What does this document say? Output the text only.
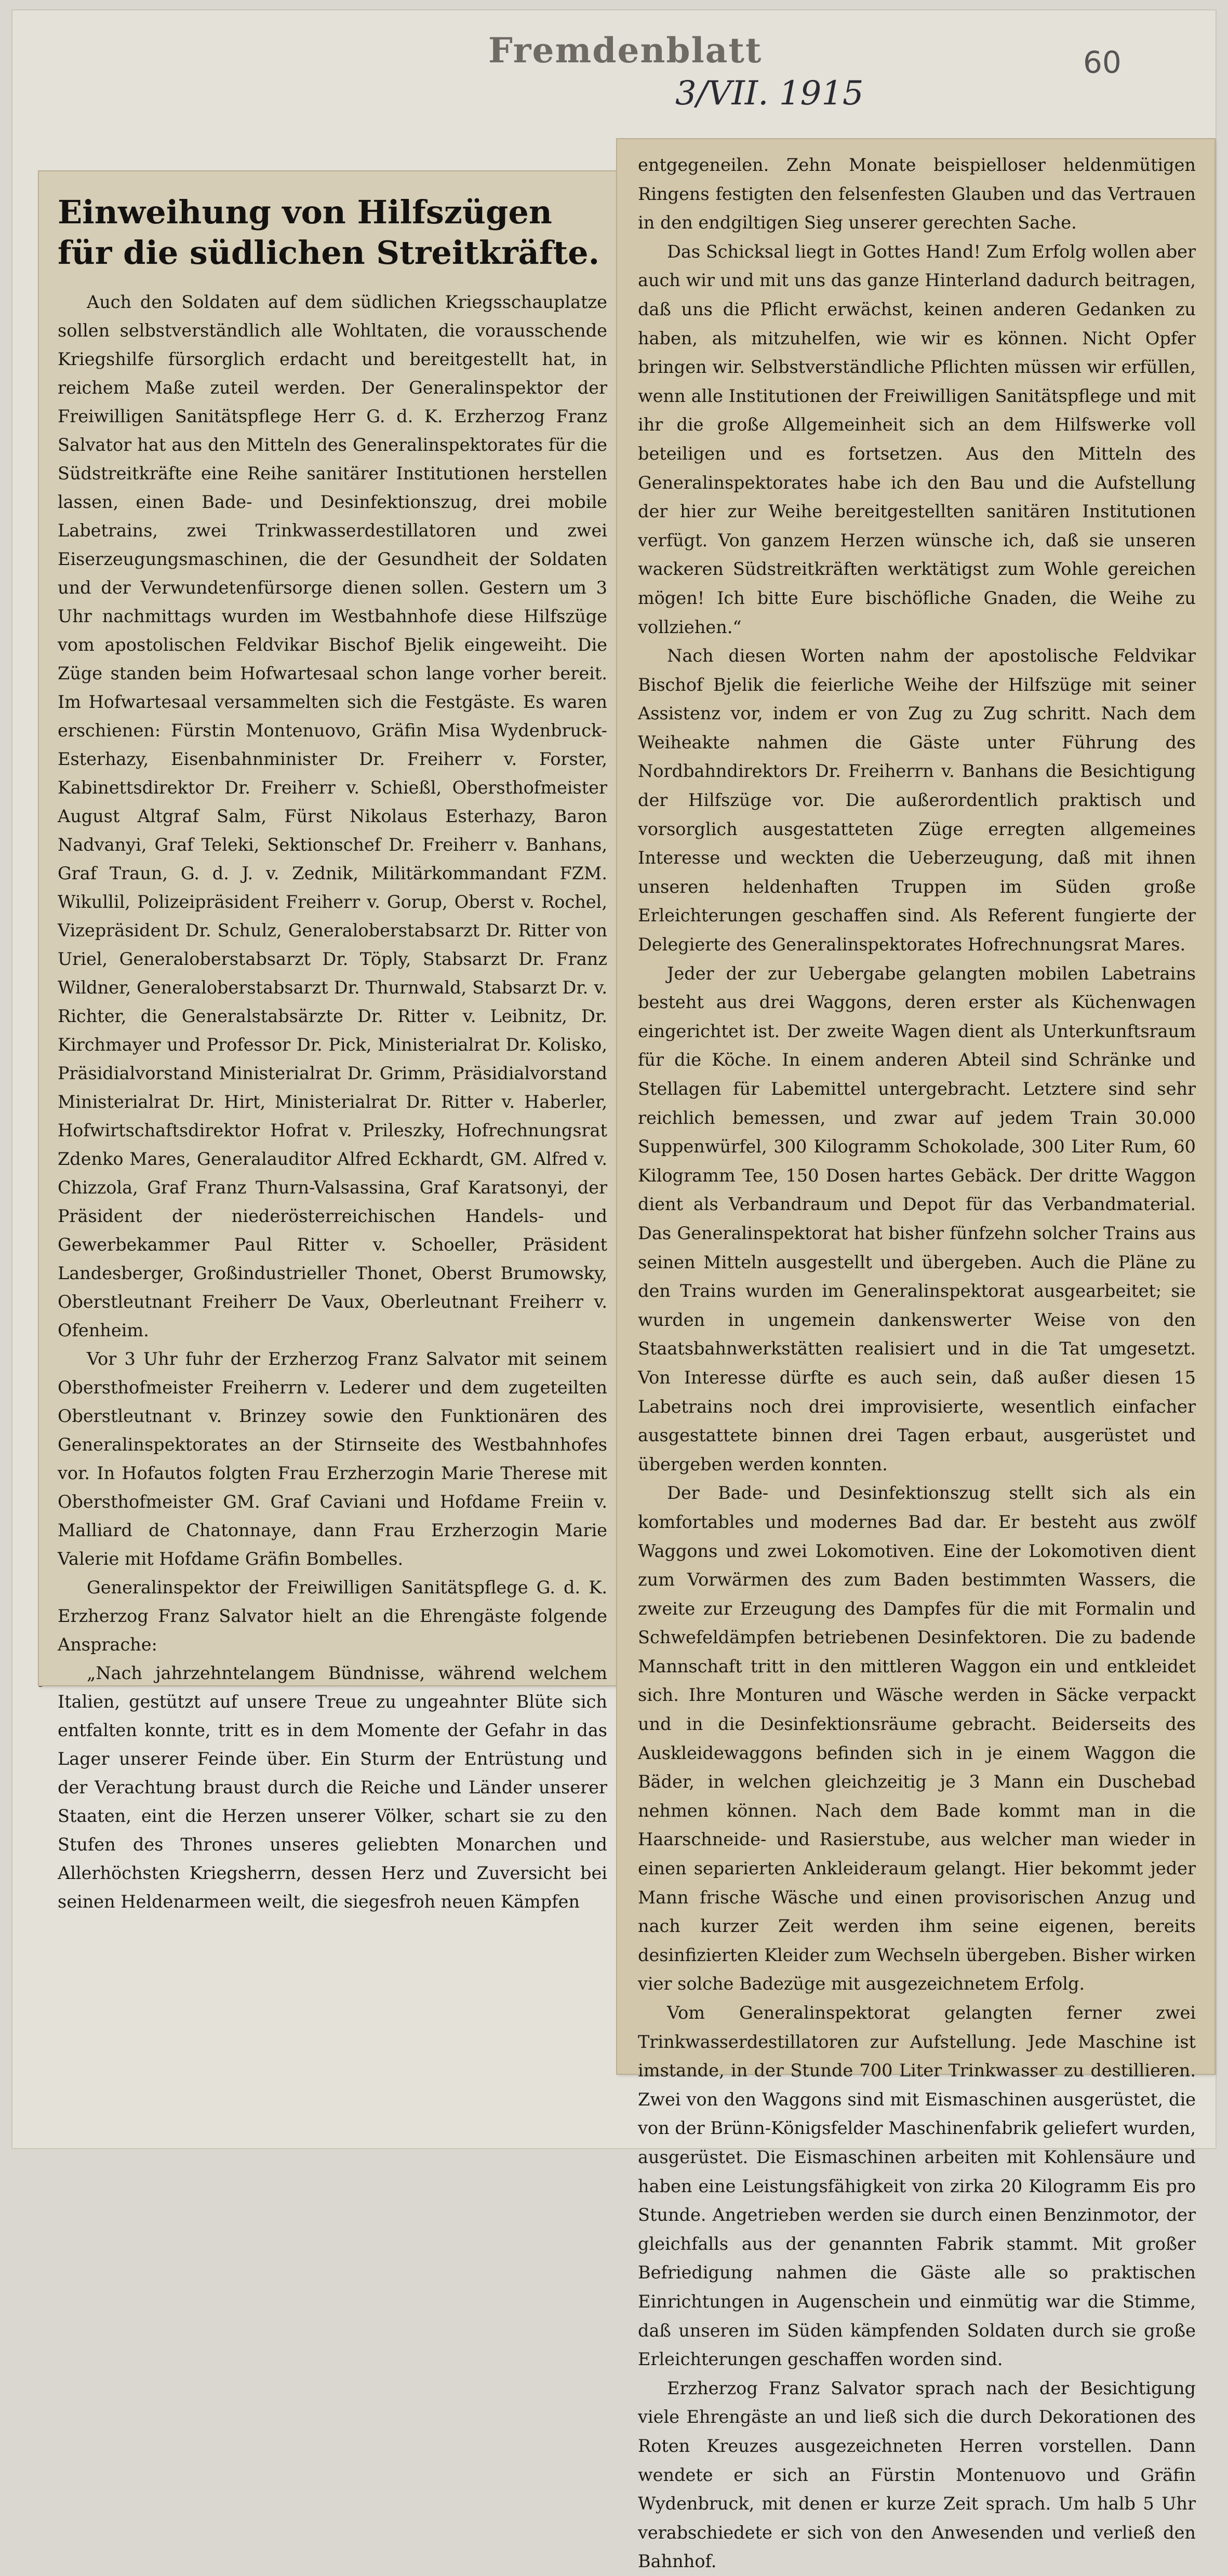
Fremdenblatt
3/VII. 1915
60
Einweihung von Hilfszügen für die südlichen Streitkräfte.

Auch den Soldaten auf dem südlichen Kriegsschauplatze sollen selbstverständlich alle Wohltaten, die vorausschende Kriegshilfe fürsorglich erdacht und bereitgestellt hat, in reichem Maße zuteil werden. Der Generalinspektor der Freiwilligen Sanitätspflege Herr G. d. K. Erzherzog Franz Salvator hat aus den Mitteln des Generalinspektorates für die Südstreitkräfte eine Reihe sanitärer Institutionen herstellen lassen, einen Bade- und Desinfektionszug, drei mobile Labetrains, zwei Trinkwasserdestillatoren und zwei Eiserzeugungsmaschinen, die der Gesundheit der Soldaten und der Verwundetenfürsorge dienen sollen. Gestern um 3 Uhr nachmittags wurden im Westbahnhofe diese Hilfszüge vom apostolischen Feldvikar Bischof Bjelik eingeweiht. Die Züge standen beim Hofwartesaal schon lange vorher bereit. Im Hofwartesaal versammelten sich die Festgäste. Es waren erschienen: Fürstin Montenuovo, Gräfin Misa Wydenbruck-Esterhazy, Eisenbahnminister Dr. Freiherr v. Forster, Kabinettsdirektor Dr. Freiherr v. Schießl, Obersthofmeister August Altgraf Salm, Fürst Nikolaus Esterhazy, Baron Nadvanyi, Graf Teleki, Sektionschef Dr. Freiherr v. Banhans, Graf Traun, G. d. J. v. Zednik, Militärkommandant FZM. Wikullil, Polizeipräsident Freiherr v. Gorup, Oberst v. Rochel, Vizepräsident Dr. Schulz, Generaloberstabsarzt Dr. Ritter von Uriel, Generaloberstabsarzt Dr. Töply, Stabsarzt Dr. Franz Wildner, Generaloberstabsarzt Dr. Thurnwald, Stabsarzt Dr. v. Richter, die Generalstabsärzte Dr. Ritter v. Leibnitz, Dr. Kirchmayer und Professor Dr. Pick, Ministerialrat Dr. Kolisko, Präsidialvorstand Ministerialrat Dr. Grimm, Präsidialvorstand Ministerialrat Dr. Hirt, Ministerialrat Dr. Ritter v. Haberler, Hofwirtschaftsdirektor Hofrat v. Prileszky, Hofrechnungsrat Zdenko Mares, Generalauditor Alfred Eckhardt, GM. Alfred v. Chizzola, Graf Franz Thurn-Valsassina, Graf Karatsonyi, der Präsident der niederösterreichischen Handels- und Gewerbekammer Paul Ritter v. Schoeller, Präsident Landesberger, Großindustrieller Thonet, Oberst Brumowsky, Oberstleutnant Freiherr De Vaux, Oberleutnant Freiherr v. Ofenheim.

Vor 3 Uhr fuhr der Erzherzog Franz Salvator mit seinem Obersthofmeister Freiherrn v. Lederer und dem zugeteilten Oberstleutnant v. Brinzey sowie den Funktionären des Generalinspektorates an der Stirnseite des Westbahnhofes vor. In Hofautos folgten Frau Erzherzogin Marie Therese mit Obersthofmeister GM. Graf Caviani und Hofdame Freiin v. Malliard de Chatonnaye, dann Frau Erzherzogin Marie Valerie mit Hofdame Gräfin Bombelles.

Generalinspektor der Freiwilligen Sanitätspflege G. d. K. Erzherzog Franz Salvator hielt an die Ehrengäste folgende Ansprache:

„Nach jahrzehntelangem Bündnisse, während welchem Italien, gestützt auf unsere Treue zu ungeahnter Blüte sich entfalten konnte, tritt es in dem Momente der Gefahr in das Lager unserer Feinde über. Ein Sturm der Entrüstung und der Verachtung braust durch die Reiche und Länder unserer Staaten, eint die Herzen unserer Völker, schart sie zu den Stufen des Thrones unseres geliebten Monarchen und Allerhöchsten Kriegsherrn, dessen Herz und Zuversicht bei seinen Heldenarmeen weilt, die siegesfroh neuen Kämpfen

entgegeneilen. Zehn Monate beispielloser heldenmütigen Ringens festigten den felsenfesten Glauben und das Vertrauen in den endgiltigen Sieg unserer gerechten Sache.

Das Schicksal liegt in Gottes Hand! Zum Erfolg wollen aber auch wir und mit uns das ganze Hinterland dadurch beitragen, daß uns die Pflicht erwächst, keinen anderen Gedanken zu haben, als mitzuhelfen, wie wir es können. Nicht Opfer bringen wir. Selbstverständliche Pflichten müssen wir erfüllen, wenn alle Institutionen der Freiwilligen Sanitätspflege und mit ihr die große Allgemeinheit sich an dem Hilfswerke voll beteiligen und es fortsetzen. Aus den Mitteln des Generalinspektorates habe ich den Bau und die Aufstellung der hier zur Weihe bereitgestellten sanitären Institutionen verfügt. Von ganzem Herzen wünsche ich, daß sie unseren wackeren Südstreitkräften werktätigst zum Wohle gereichen mögen! Ich bitte Eure bischöfliche Gnaden, die Weihe zu vollziehen.“

Nach diesen Worten nahm der apostolische Feldvikar Bischof Bjelik die feierliche Weihe der Hilfszüge mit seiner Assistenz vor, indem er von Zug zu Zug schritt. Nach dem Weiheakte nahmen die Gäste unter Führung des Nordbahndirektors Dr. Freiherrn v. Banhans die Besichtigung der Hilfszüge vor. Die außerordentlich praktisch und vorsorglich ausgestatteten Züge erregten allgemeines Interesse und weckten die Ueberzeugung, daß mit ihnen unseren heldenhaften Truppen im Süden große Erleichterungen geschaffen sind. Als Referent fungierte der Delegierte des Generalinspektorates Hofrechnungsrat Mares.

Jeder der zur Uebergabe gelangten mobilen Labetrains besteht aus drei Waggons, deren erster als Küchenwagen eingerichtet ist. Der zweite Wagen dient als Unterkunftsraum für die Köche. In einem anderen Abteil sind Schränke und Stellagen für Labemittel untergebracht. Letztere sind sehr reichlich bemessen, und zwar auf jedem Train 30.000 Suppenwürfel, 300 Kilogramm Schokolade, 300 Liter Rum, 60 Kilogramm Tee, 150 Dosen hartes Gebäck. Der dritte Waggon dient als Verbandraum und Depot für das Verbandmaterial. Das Generalinspektorat hat bisher fünfzehn solcher Trains aus seinen Mitteln ausgestellt und übergeben. Auch die Pläne zu den Trains wurden im Generalinspektorat ausgearbeitet; sie wurden in ungemein dankenswerter Weise von den Staatsbahnwerkstätten realisiert und in die Tat umgesetzt. Von Interesse dürfte es auch sein, daß außer diesen 15 Labetrains noch drei improvisierte, wesentlich einfacher ausgestattete binnen drei Tagen erbaut, ausgerüstet und übergeben werden konnten.

Der Bade- und Desinfektionszug stellt sich als ein komfortables und modernes Bad dar. Er besteht aus zwölf Waggons und zwei Lokomotiven. Eine der Lokomotiven dient zum Vorwärmen des zum Baden bestimmten Wassers, die zweite zur Erzeugung des Dampfes für die mit Formalin und Schwefeldämpfen betriebenen Desinfektoren. Die zu badende Mannschaft tritt in den mittleren Waggon ein und entkleidet sich. Ihre Monturen und Wäsche werden in Säcke verpackt und in die Desinfektionsräume gebracht. Beiderseits des Auskleidewaggons befinden sich in je einem Waggon die Bäder, in welchen gleichzeitig je 3 Mann ein Duschebad nehmen können. Nach dem Bade kommt man in die Haarschneide- und Rasierstube, aus welcher man wieder in einen separierten Ankleideraum gelangt. Hier bekommt jeder Mann frische Wäsche und einen provisorischen Anzug und nach kurzer Zeit werden ihm seine eigenen, bereits desinfizierten Kleider zum Wechseln übergeben. Bisher wirken vier solche Badezüge mit ausgezeichnetem Erfolg.

Vom Generalinspektorat gelangten ferner zwei Trinkwasserdestillatoren zur Aufstellung. Jede Maschine ist imstande, in der Stunde 700 Liter Trinkwasser zu destillieren. Zwei von den Waggons sind mit Eismaschinen ausgerüstet, die von der Brünn-Königsfelder Maschinenfabrik geliefert wurden, ausgerüstet. Die Eismaschinen arbeiten mit Kohlensäure und haben eine Leistungsfähigkeit von zirka 20 Kilogramm Eis pro Stunde. Angetrieben werden sie durch einen Benzinmotor, der gleichfalls aus der genannten Fabrik stammt. Mit großer Befriedigung nahmen die Gäste alle so praktischen Einrichtungen in Augenschein und einmütig war die Stimme, daß unseren im Süden kämpfenden Soldaten durch sie große Erleichterungen geschaffen worden sind.

Erzherzog Franz Salvator sprach nach der Besichtigung viele Ehrengäste an und ließ sich die durch Dekorationen des Roten Kreuzes ausgezeichneten Herren vorstellen. Dann wendete er sich an Fürstin Montenuovo und Gräfin Wydenbruck, mit denen er kurze Zeit sprach. Um halb 5 Uhr verabschiedete er sich von den Anwesenden und verließ den Bahnhof.
